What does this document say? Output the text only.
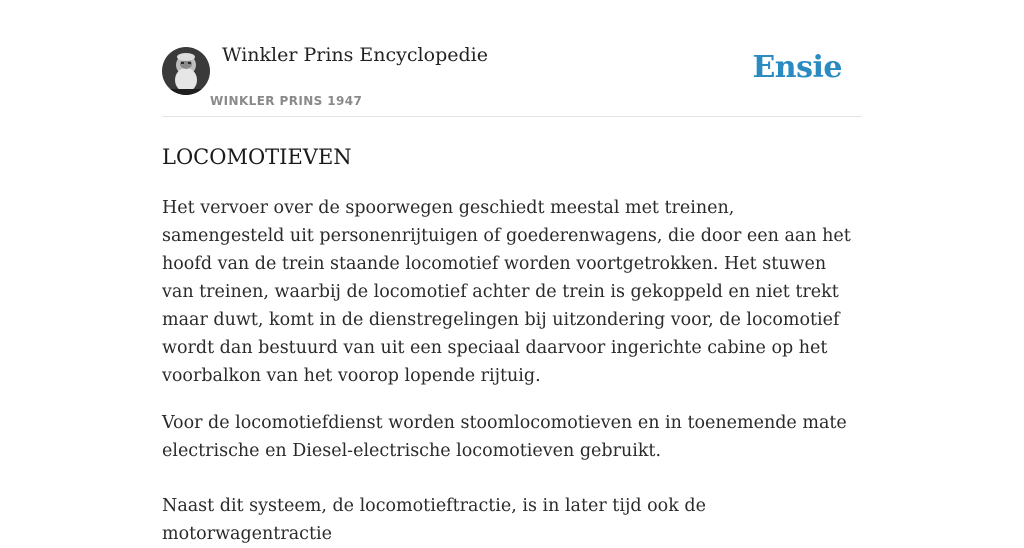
Winkler Prins Encyclopedie
WINKLER PRINS 1947
Ensie
LOCOMOTIEVEN

Het vervoer over de spoorwegen geschiedt meestal met treinen, samengesteld uit personenrijtuigen of goederenwagens, die door een aan het hoofd van de trein staande locomotief worden voortgetrokken. Het stuwen van treinen, waarbij de locomotief achter de trein is gekoppeld en niet trekt maar duwt, komt in de dienstregelingen bij uitzondering voor, de locomotief wordt dan bestuurd van uit een speciaal daarvoor ingerichte cabine op het voorbalkon van het voorop lopende rijtuig.

Voor de locomotiefdienst worden stoomlocomotieven en in toenemende mate electrische en Diesel-electrische locomotieven gebruikt.

Naast dit systeem, de locomotieftractie, is in later tijd ook de motorwagentractie
